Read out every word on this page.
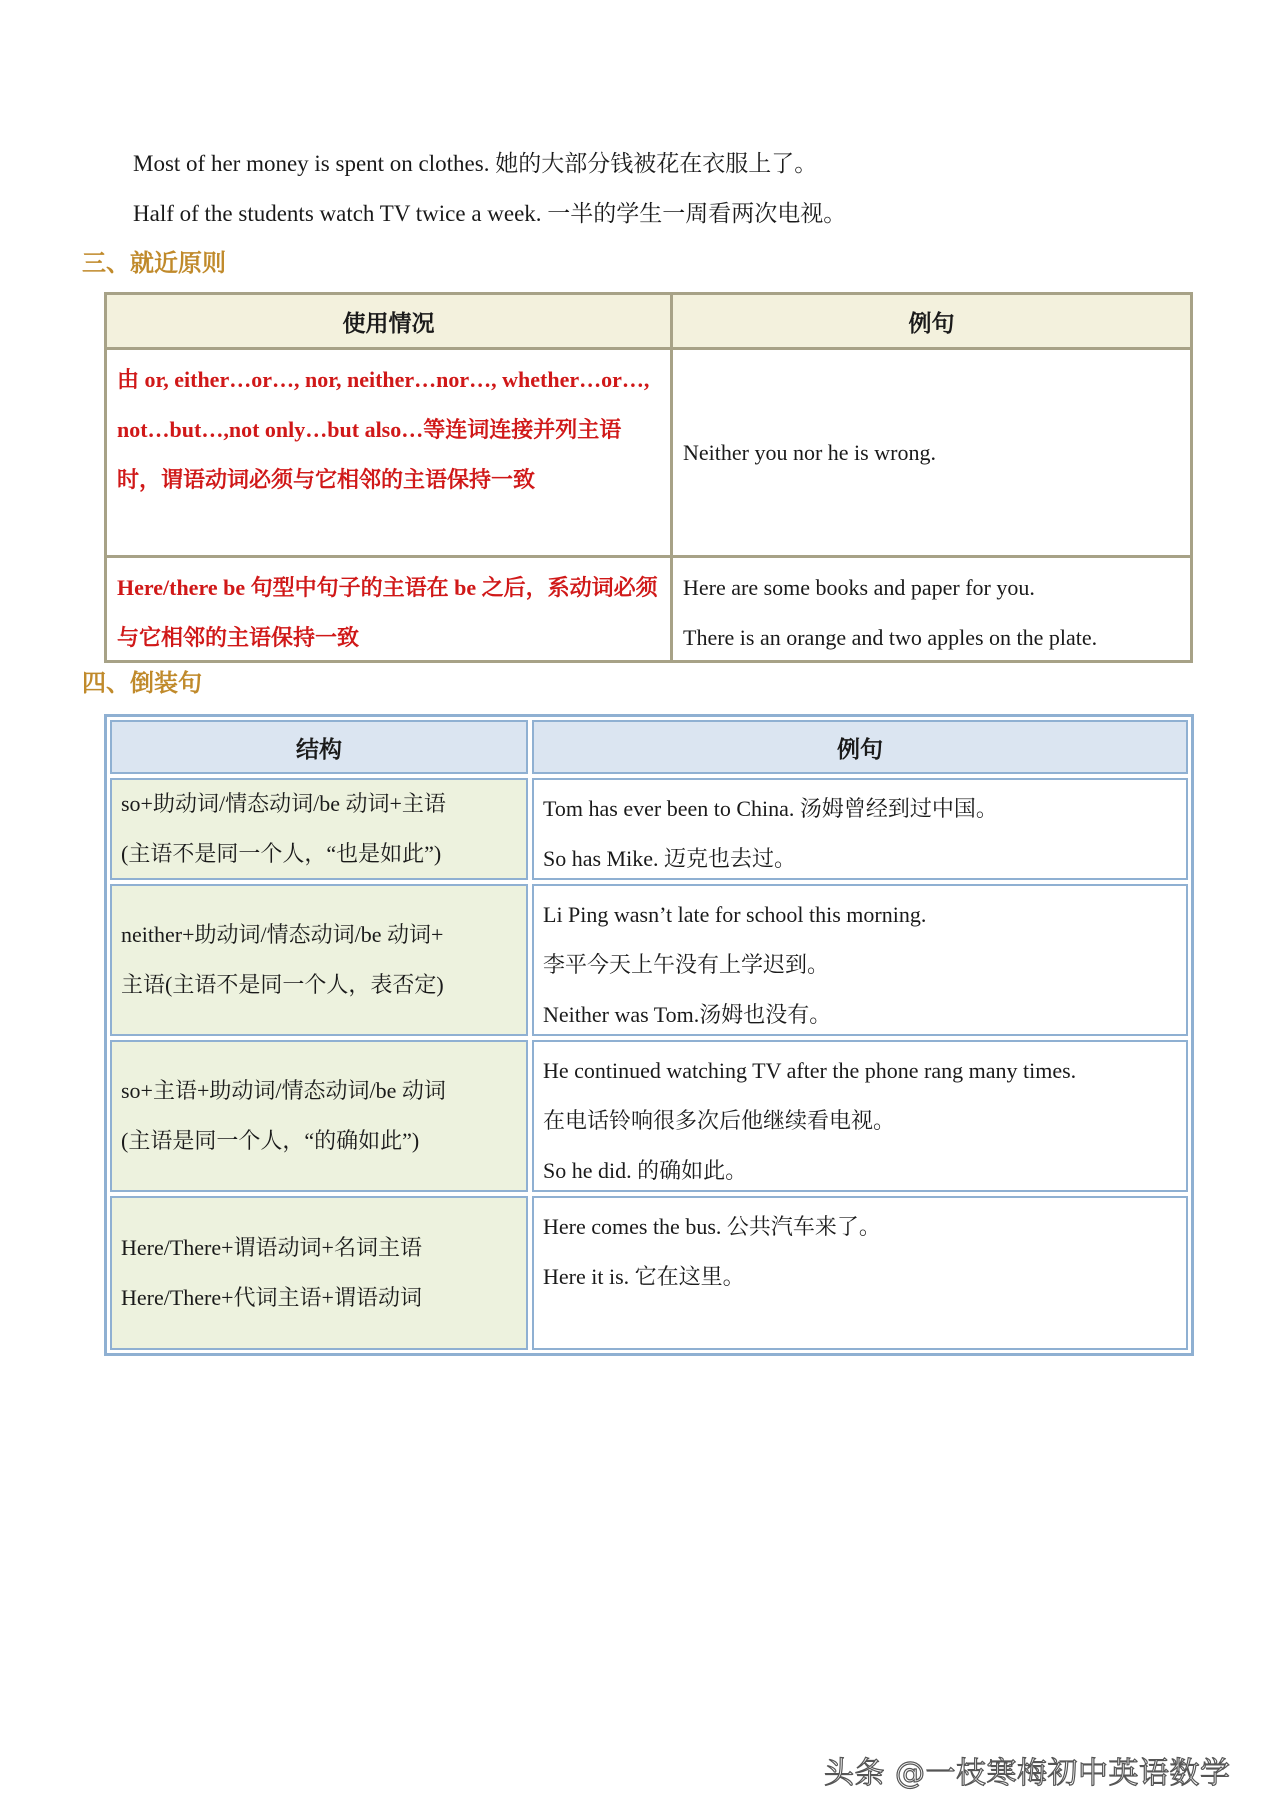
Most of her money is spent on clothes. 她的大部分钱被花在衣服上了。
Half of the students watch TV twice a week. 一半的学生一周看两次电视。
三、就近原则
使用情况	例句
由 or, either…or…, nor, neither…nor…, whether…or…, not…but…,not only…but also…等连词连接并列主语时，谓语动词必须与它相邻的主语保持一致
Neither you nor he is wrong.
Here/there be 句型中句子的主语在 be 之后，系动词必须与它相邻的主语保持一致
Here are some books and paper for you.
There is an orange and two apples on the plate.
四、倒装句
结构	例句
so+助动词/情态动词/be 动词+主语
(主语不是同一个人，“也是如此”)
Tom has ever been to China. 汤姆曾经到过中国。
So has Mike. 迈克也去过。
neither+助动词/情态动词/be 动词+
主语(主语不是同一个人，表否定)
Li Ping wasn’t late for school this morning.
李平今天上午没有上学迟到。
Neither was Tom.汤姆也没有。
so+主语+助动词/情态动词/be 动词
(主语是同一个人，“的确如此”)
He continued watching TV after the phone rang many times.
在电话铃响很多次后他继续看电视。
So he did. 的确如此。
Here/There+谓语动词+名词主语
Here/There+代词主语+谓语动词
Here comes the bus. 公共汽车来了。
Here it is. 它在这里。
头条 @一枝寒梅初中英语数学
